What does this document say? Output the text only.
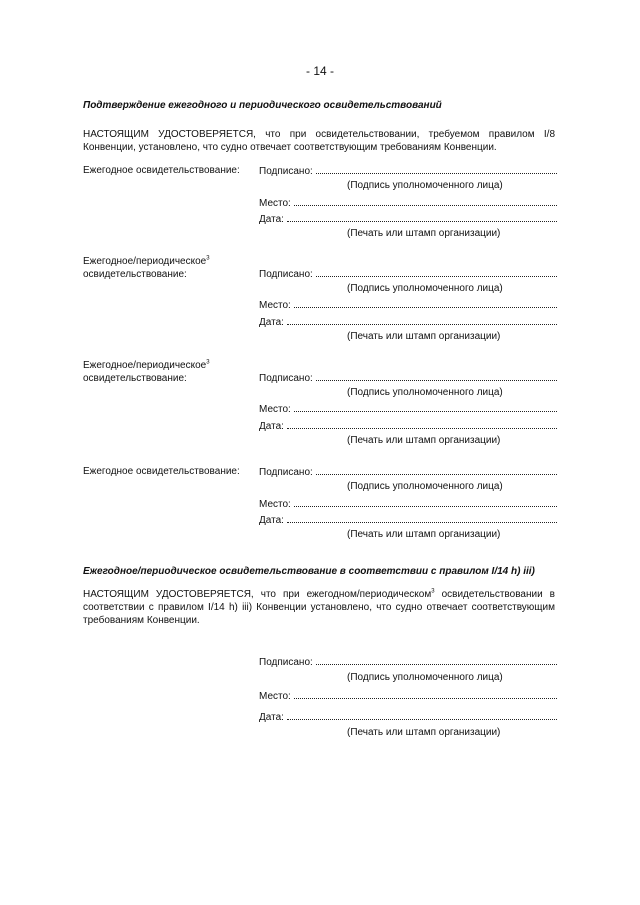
- 14 -
Подтверждение ежегодного и периодического освидетельствований
НАСТОЯЩИМ УДОСТОВЕРЯЕТСЯ, что при освидетельствовании, требуемом правилом I/8 Конвенции, установлено, что судно отвечает соответствующим требованиям Конвенции.
Ежегодное освидетельствование:	Подписано:
(Подпись уполномоченного лица)
Место:
Дата:
(Печать или штамп организации)
Ежегодное/периодическое$^3$
освидетельствование:	Подписано:
(Подпись уполномоченного лица)
Место:
Дата:
(Печать или штамп организации)
Ежегодное/периодическое$^3$
освидетельствование:	Подписано:
(Подпись уполномоченного лица)
Место:
Дата:
(Печать или штамп организации)
Ежегодное освидетельствование:	Подписано:
(Подпись уполномоченного лица)
Место:
Дата:
(Печать или штамп организации)
Ежегодное/периодическое освидетельствование в соответствии с правилом I/14 h) iii)
НАСТОЯЩИМ УДОСТОВЕРЯЕТСЯ, что при ежегодном/периодическом$^3$ освидетельствовании в соответствии с правилом I/14 h) iii) Конвенции установлено, что судно отвечает соответствующим требованиям Конвенции.
Подписано:
(Подпись уполномоченного лица)
Место:
Дата:
(Печать или штамп организации)
